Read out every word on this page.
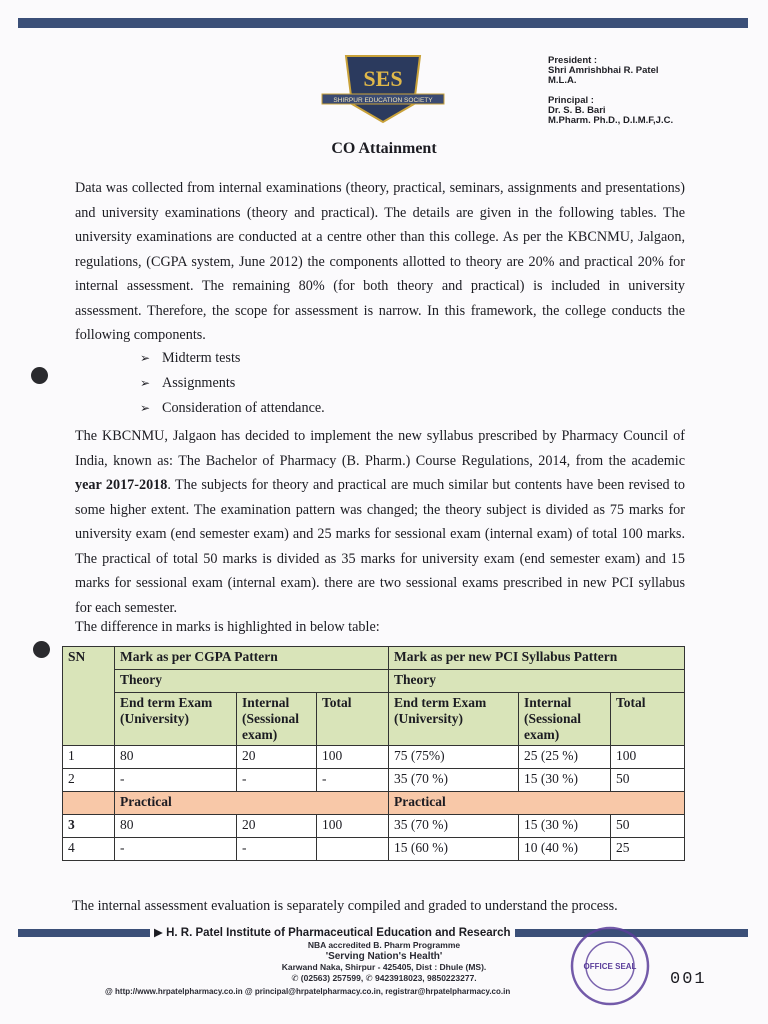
SES
SHIRPUR EDUCATION SOCIETY
President :
Shri Amrishbhai R. Patel
M.L.A.
Principal :
Dr. S. B. Bari
M.Pharm. Ph.D., D.I.M.F,J.C.
CO Attainment
Data was collected from internal examinations (theory, practical, seminars, assignments and presentations) and university examinations (theory and practical). The details are given in the following tables. The university examinations are conducted at a centre other than this college. As per the KBCNMU, Jalgaon, regulations, (CGPA system, June 2012) the components allotted to theory are 20% and practical 20% for internal assessment. The remaining 80% (for both theory and practical) is included in university assessment. Therefore, the scope for assessment is narrow. In this framework, the college conducts the following components.
➢ Midterm tests
➢ Assignments
➢ Consideration of attendance.
The KBCNMU, Jalgaon has decided to implement the new syllabus prescribed by Pharmacy Council of India, known as: The Bachelor of Pharmacy (B. Pharm.) Course Regulations, 2014, from the academic year 2017-2018. The subjects for theory and practical are much similar but contents have been revised to some higher extent. The examination pattern was changed; the theory subject is divided as 75 marks for university exam (end semester exam) and 25 marks for sessional exam (internal exam) of total 100 marks. The practical of total 50 marks is divided as 35 marks for university exam (end semester exam) and 15 marks for sessional exam (internal exam). there are two sessional exams prescribed in new PCI syllabus for each semester.
The difference in marks is highlighted in below table:
SN	Mark as per CGPA Pattern			Mark as per new PCI Syllabus Pattern		
	Theory			Theory		
	End term Exam (University)	Internal (Sessional exam)	Total	End term Exam (University)	Internal (Sessional exam)	Total
1	80	20	100	75 (75%)	25 (25 %)	100
2	-	-	-	35 (70 %)	15 (30 %)	50
	Practical			Practical		
3	80	20	100	35 (70 %)	15 (30 %)	50
4	-	-		15 (60 %)	10 (40 %)	25
The internal assessment evaluation is separately compiled and graded to understand the process.
▶ H. R. Patel Institute of Pharmaceutical Education and Research
NBA accredited B. Pharm Programme
'Serving Nation's Health'
Karwand Naka, Shirpur - 425405, Dist : Dhule (MS).
✆ (02563) 257599, ✆ 9423918023, 9850223277.
@ http://www.hrpatelpharmacy.co.in @ principal@hrpatelpharmacy.co.in, registrar@hrpatelpharmacy.co.in
OFFICE SEAL
001
